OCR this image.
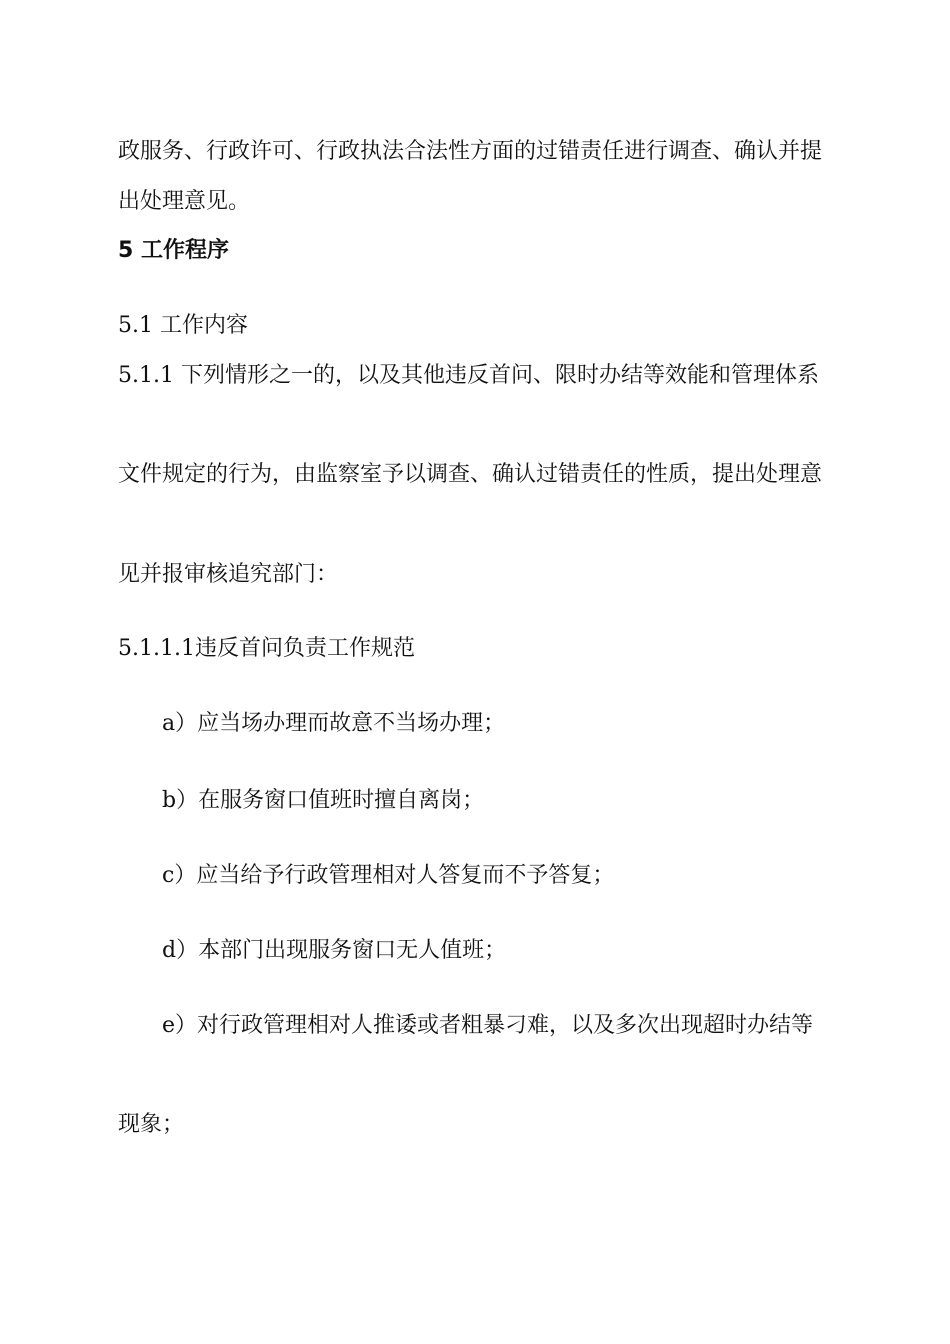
政服务、行政许可、行政执法合法性方面的过错责任进行调查、确认并提
出处理意见。
5 工作程序
5.1 工作内容
5.1.1 下列情形之一的，以及其他违反首问、限时办结等效能和管理体系
文件规定的行为，由监察室予以调查、确认过错责任的性质，提出处理意
见并报审核追究部门：
5.1.1.1违反首问负责工作规范
a）应当场办理而故意不当场办理；
b）在服务窗口值班时擅自离岗；
c）应当给予行政管理相对人答复而不予答复；
d）本部门出现服务窗口无人值班；
e）对行政管理相对人推诿或者粗暴刁难，以及多次出现超时办结等
现象；
